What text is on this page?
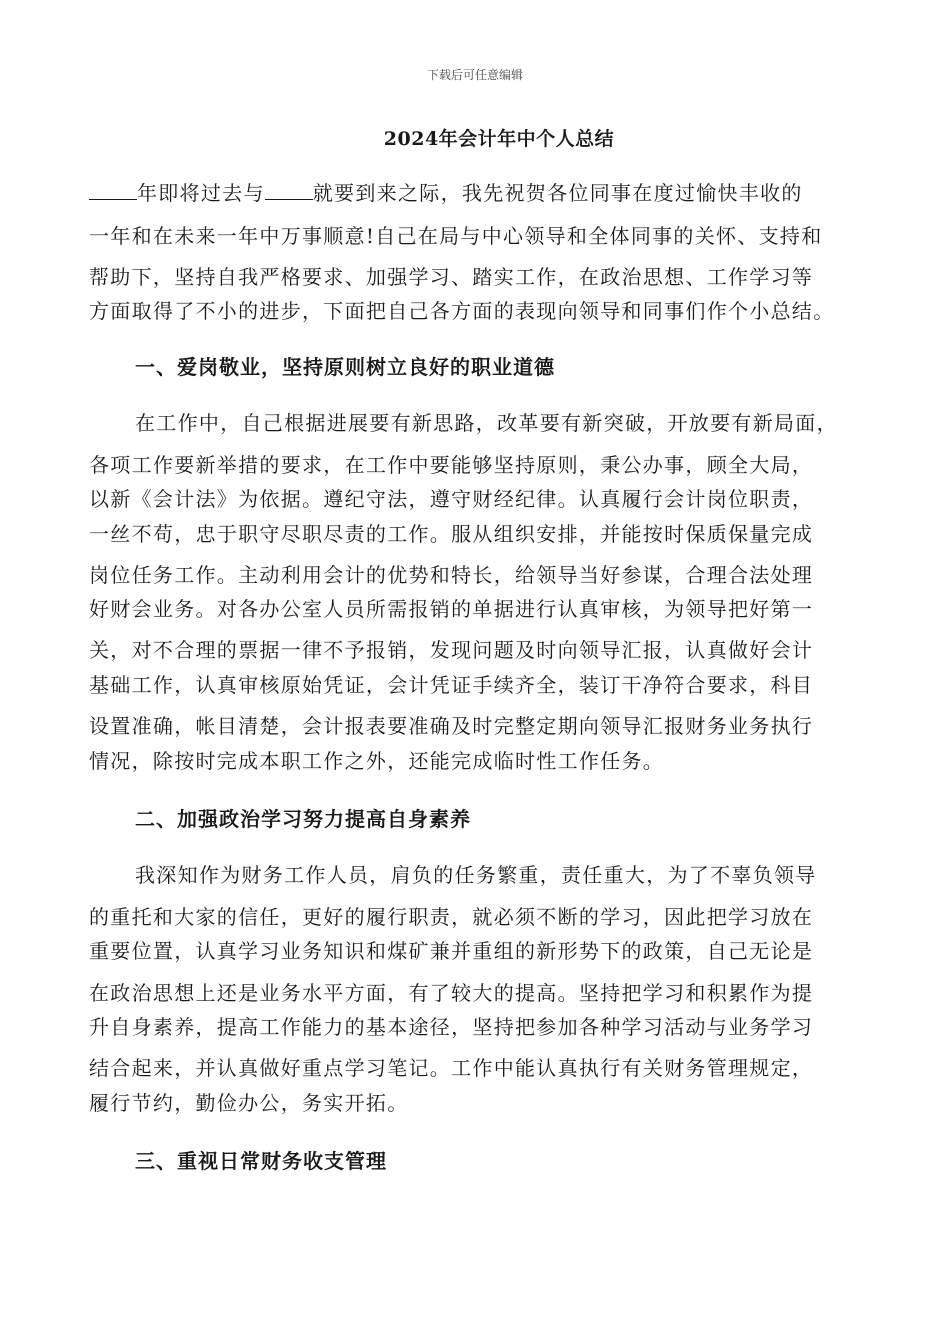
下载后可任意编辑
2024年会计年中个人总结
年即将过去与 就要到来之际，我先祝贺各位同事在度过愉快丰收的
一年和在未来一年中万事顺意!自己在局与中心领导和全体同事的关怀、支持和
帮助下，坚持自我严格要求、加强学习、踏实工作，在政治思想、工作学习等
方面取得了不小的进步，下面把自己各方面的表现向领导和同事们作个小总结。
一、爱岗敬业，坚持原则树立良好的职业道德
在工作中，自己根据进展要有新思路，改革要有新突破，开放要有新局面，
各项工作要新举措的要求，在工作中要能够坚持原则，秉公办事，顾全大局，
以新《会计法》为依据。遵纪守法，遵守财经纪律。认真履行会计岗位职责，
一丝不苟，忠于职守尽职尽责的工作。服从组织安排，并能按时保质保量完成
岗位任务工作。主动利用会计的优势和特长，给领导当好参谋，合理合法处理
好财会业务。对各办公室人员所需报销的单据进行认真审核，为领导把好第一
关，对不合理的票据一律不予报销，发现问题及时向领导汇报，认真做好会计
基础工作，认真审核原始凭证，会计凭证手续齐全，装订干净符合要求，科目
设置准确，帐目清楚，会计报表要准确及时完整定期向领导汇报财务业务执行
情况，除按时完成本职工作之外，还能完成临时性工作任务。
二、加强政治学习努力提高自身素养
我深知作为财务工作人员，肩负的任务繁重，责任重大，为了不辜负领导
的重托和大家的信任，更好的履行职责，就必须不断的学习，因此把学习放在
重要位置，认真学习业务知识和煤矿兼并重组的新形势下的政策，自己无论是
在政治思想上还是业务水平方面，有了较大的提高。坚持把学习和积累作为提
升自身素养，提高工作能力的基本途径，坚持把参加各种学习活动与业务学习
结合起来，并认真做好重点学习笔记。工作中能认真执行有关财务管理规定，
履行节约，勤俭办公，务实开拓。
三、重视日常财务收支管理
